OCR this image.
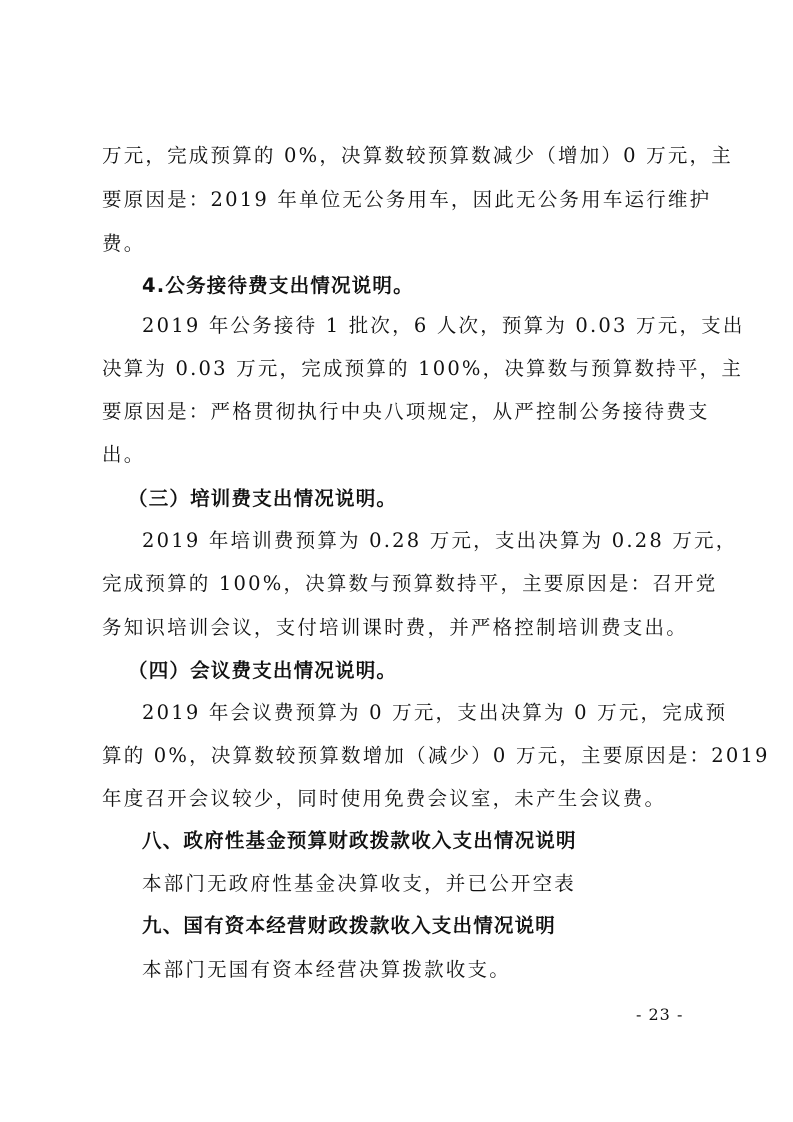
万元，完成预算的 0%，决算数较预算数减少（增加）0 万元，主
要原因是：2019 年单位无公务用车，因此无公务用车运行维护
费。
4.公务接待费支出情况说明。
2019 年公务接待 1 批次，6 人次，预算为 0.03 万元，支出
决算为 0.03 万元，完成预算的 100%，决算数与预算数持平，主
要原因是：严格贯彻执行中央八项规定，从严控制公务接待费支
出。
（三）培训费支出情况说明。
2019 年培训费预算为 0.28 万元，支出决算为 0.28 万元，
完成预算的 100%，决算数与预算数持平，主要原因是：召开党
务知识培训会议，支付培训课时费，并严格控制培训费支出。
（四）会议费支出情况说明。
2019 年会议费预算为 0 万元，支出决算为 0 万元，完成预
算的 0%，决算数较预算数增加（减少）0 万元，主要原因是：2019
年度召开会议较少，同时使用免费会议室，未产生会议费。
八、政府性基金预算财政拨款收入支出情况说明
本部门无政府性基金决算收支，并已公开空表
九、国有资本经营财政拨款收入支出情况说明
本部门无国有资本经营决算拨款收支。
- 23 -
